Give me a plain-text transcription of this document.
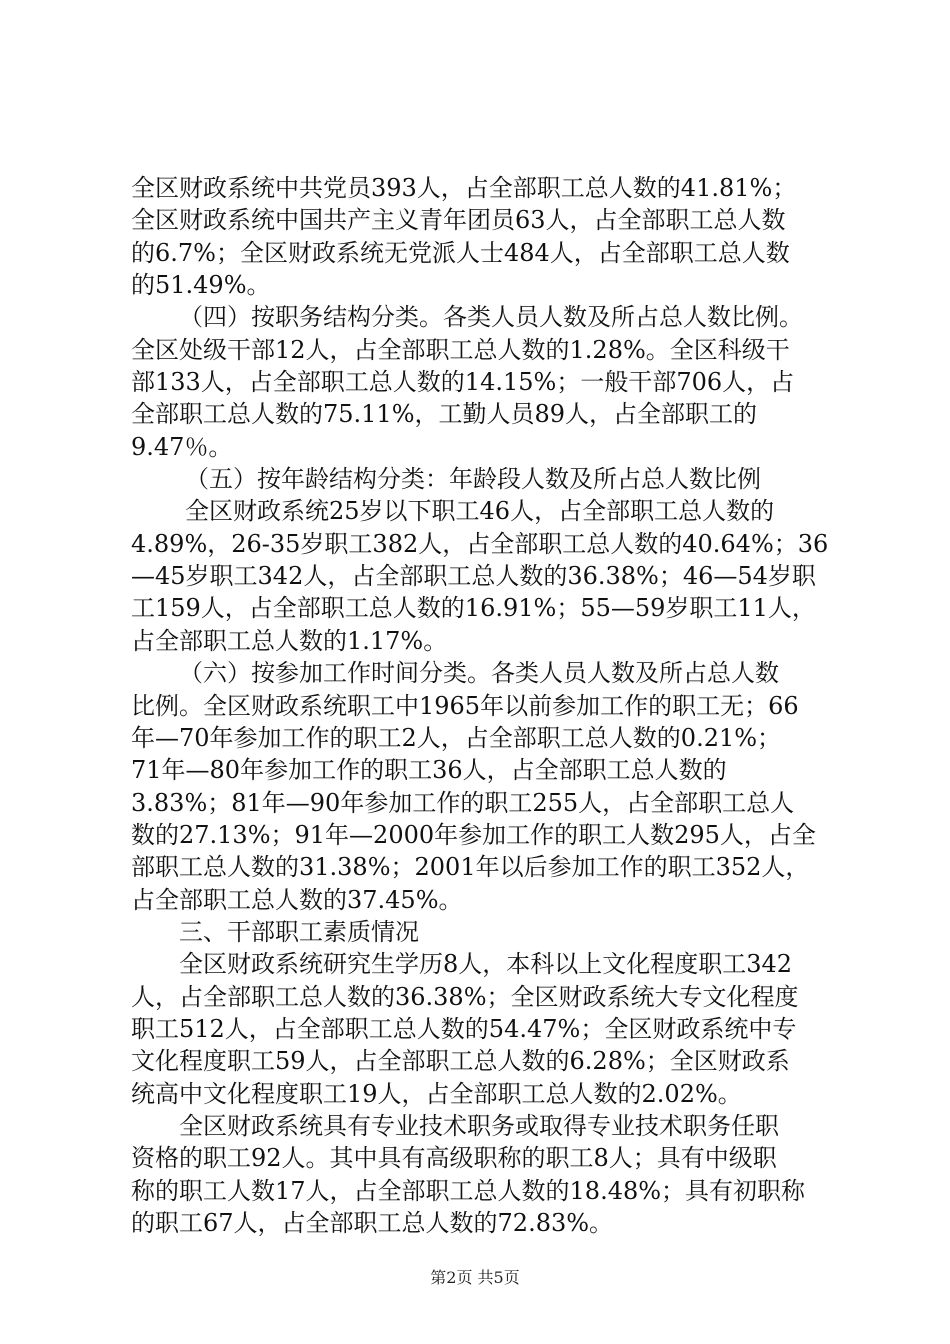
全区财政系统中共党员393人，占全部职工总人数的41.81%；
全区财政系统中国共产主义青年团员63人，占全部职工总人数
的6.7%；全区财政系统无党派人士484人，占全部职工总人数
的51.49%。
（四）按职务结构分类。各类人员人数及所占总人数比例。
全区处级干部12人，占全部职工总人数的1.28%。全区科级干
部133人，占全部职工总人数的14.15%；一般干部706人，占
全部职工总人数的75.11%，工勤人员89人，占全部职工的
9.47％。
（五）按年龄结构分类：年龄段人数及所占总人数比例
全区财政系统25岁以下职工46人，占全部职工总人数的
4.89%，26-35岁职工382人，占全部职工总人数的40.64%；36
—45岁职工342人，占全部职工总人数的36.38%；46—54岁职
工159人，占全部职工总人数的16.91%；55—59岁职工11人，
占全部职工总人数的1.17%。
（六）按参加工作时间分类。各类人员人数及所占总人数
比例。全区财政系统职工中1965年以前参加工作的职工无；66
年—70年参加工作的职工2人，占全部职工总人数的0.21%；
71年—80年参加工作的职工36人，占全部职工总人数的
3.83%；81年—90年参加工作的职工255人，占全部职工总人
数的27.13%；91年—2000年参加工作的职工人数295人，占全
部职工总人数的31.38%；2001年以后参加工作的职工352人，
占全部职工总人数的37.45%。
三、干部职工素质情况
全区财政系统研究生学历8人，本科以上文化程度职工342
人，占全部职工总人数的36.38%；全区财政系统大专文化程度
职工512人，占全部职工总人数的54.47%；全区财政系统中专
文化程度职工59人，占全部职工总人数的6.28%；全区财政系
统高中文化程度职工19人，占全部职工总人数的2.02%。
全区财政系统具有专业技术职务或取得专业技术职务任职
资格的职工92人。其中具有高级职称的职工8人；具有中级职
称的职工人数17人，占全部职工总人数的18.48%；具有初职称
的职工67人，占全部职工总人数的72.83%。
第2页 共5页
